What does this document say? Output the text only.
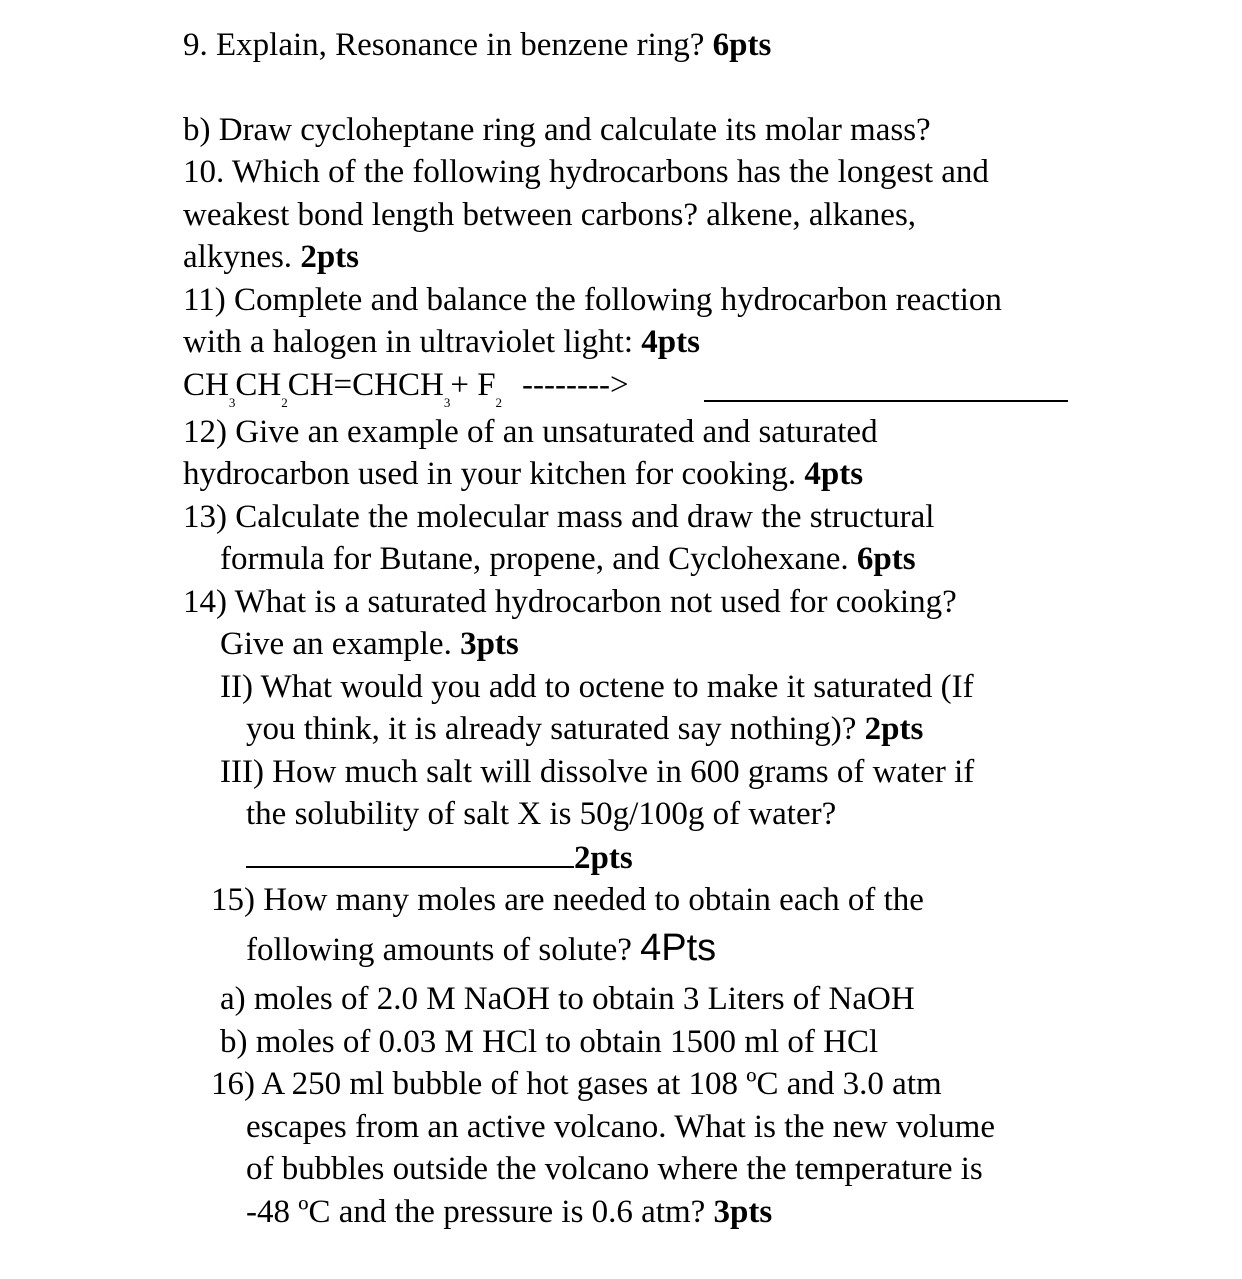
9. Explain, Resonance in benzene ring? 6pts
b) Draw cycloheptane ring and calculate its molar mass?
10. Which of the following hydrocarbons has the longest and
weakest bond length between carbons? alkene, alkanes,
alkynes. 2pts
11) Complete and balance the following hydrocarbon reaction
with a halogen in ultraviolet light: 4pts
$CH_3CH_2CH=CHCH_3+ F_2$ -------->
12) Give an example of an unsaturated and saturated
hydrocarbon used in your kitchen for cooking. 4pts
13) Calculate the molecular mass and draw the structural
formula for Butane, propene, and Cyclohexane. 6pts
14) What is a saturated hydrocarbon not used for cooking?
Give an example. 3pts
II) What would you add to octene to make it saturated (If
you think, it is already saturated say nothing)? 2pts
III) How much salt will dissolve in 600 grams of water if
the solubility of salt X is 50g/100g of water?
2pts
15) How many moles are needed to obtain each of the
following amounts of solute? 4Pts
a) moles of 2.0 M NaOH to obtain 3 Liters of NaOH
b) moles of 0.03 M HCl to obtain 1500 ml of HCl
16) A 250 ml bubble of hot gases at 108 ºC and 3.0 atm
escapes from an active volcano. What is the new volume
of bubbles outside the volcano where the temperature is
-48 ºC and the pressure is 0.6 atm? 3pts
